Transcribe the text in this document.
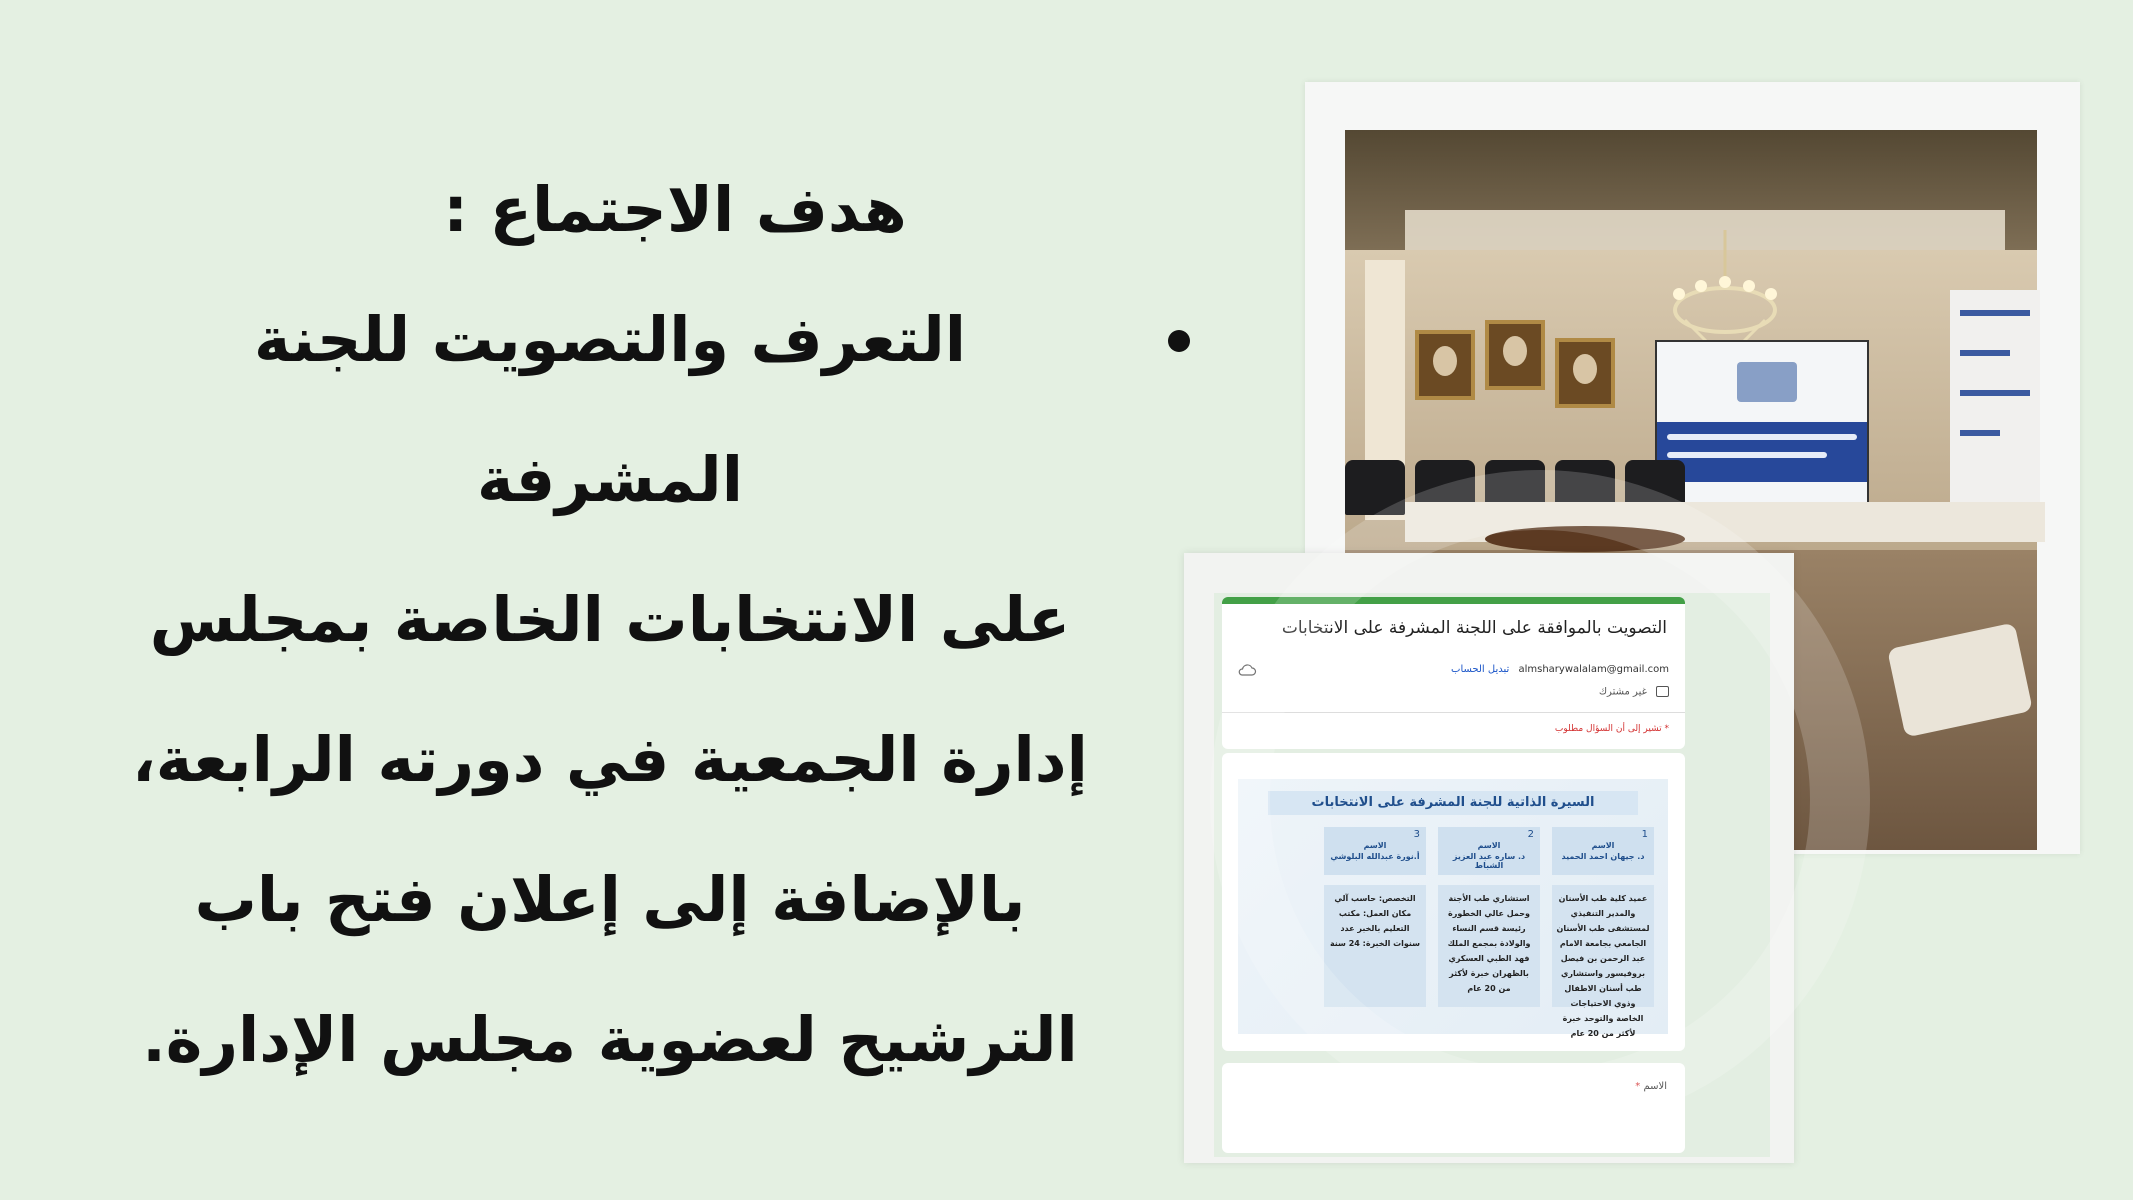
هدف الاجتماع :
التعرف والتصويت للجنة المشرفة
على الانتخابات الخاصة بمجلس
إدارة الجمعية في دورته الرابعة،
بالإضافة إلى إعلان فتح باب
الترشيح لعضوية مجلس الإدارة.
التصويت بالموافقة على اللجنة المشرفة على الانتخابات
almsharywalalam@gmail.com تبديل الحساب
غير مشترك
* تشير إلى أن السؤال مطلوب
السيرة الذاتية للجنة المشرفة على الانتخابات
1
الاسم
د. جيهان احمد الحميد
عميد كلية طب الأسنان والمدير التنفيذي لمستشفى طب الأسنان الجامعي بجامعة الامام عبد الرحمن بن فيصل بروفيسور واستشاري طب أسنان الاطفال وذوي الاحتياجات الخاصة والتوحد خبرة لأكثر من 20 عام
2
الاسم
د. ساره عبد العزيز الشباط
استشاري طب الأجنة وحمل عالي الخطورة رئيسة قسم النساء والولادة بمجمع الملك فهد الطبي العسكري بالظهران خبرة لأكثر من 20 عام
3
الاسم
أ.نورة عبدالله البلوشي
التخصص: حاسب آلي مكان العمل: مكتب التعليم بالخبر عدد سنوات الخبرة: 24 سنة
الاسم *
